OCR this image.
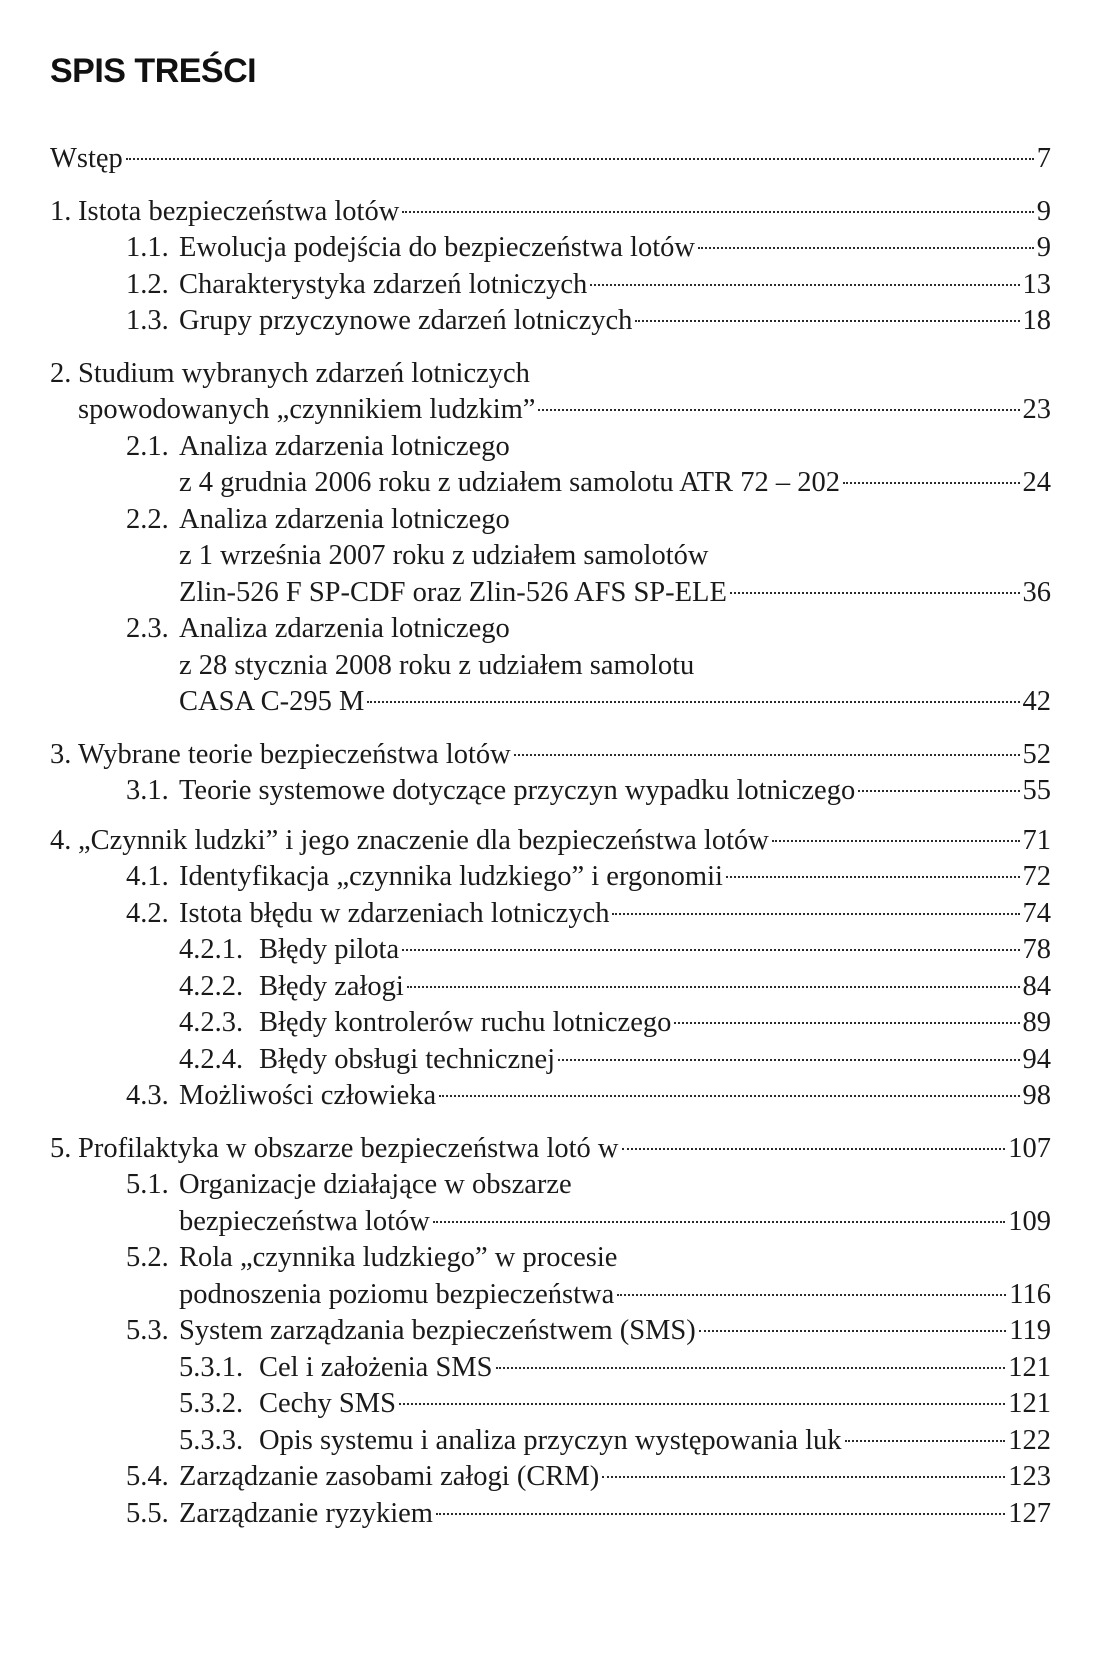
SPIS TREŚCI
Wstęp	7
1. Istota bezpieczeństwa lotów	9
1.1. Ewolucja podejścia do bezpieczeństwa lotów	9
1.2. Charakterystyka zdarzeń lotniczych	13
1.3. Grupy przyczynowe zdarzeń lotniczych	18
2. Studium wybranych zdarzeń lotniczych
spowodowanych „czynnikiem ludzkim”	23
2.1. Analiza zdarzenia lotniczego
z 4 grudnia 2006 roku z udziałem samolotu ATR 72 – 202	24
2.2. Analiza zdarzenia lotniczego
z 1 września 2007 roku z udziałem samolotów
Zlin-526 F SP-CDF oraz Zlin-526 AFS SP-ELE	36
2.3. Analiza zdarzenia lotniczego
z 28 stycznia 2008 roku z udziałem samolotu
CASA C-295 M	42
3. Wybrane teorie bezpieczeństwa lotów	52
3.1. Teorie systemowe dotyczące przyczyn wypadku lotniczego	55
4. „Czynnik ludzki” i jego znaczenie dla bezpieczeństwa lotów	71
4.1. Identyfikacja „czynnika ludzkiego” i ergonomii	72
4.2. Istota błędu w zdarzeniach lotniczych	74
4.2.1. Błędy pilota	78
4.2.2. Błędy załogi	84
4.2.3. Błędy kontrolerów ruchu lotniczego	89
4.2.4. Błędy obsługi technicznej	94
4.3. Możliwości człowieka	98
5. Profilaktyka w obszarze bezpieczeństwa lotó w	107
5.1. Organizacje działające w obszarze
bezpieczeństwa lotów	109
5.2. Rola „czynnika ludzkiego” w procesie
podnoszenia poziomu bezpieczeństwa	116
5.3. System zarządzania bezpieczeństwem (SMS)	119
5.3.1. Cel i założenia SMS	121
5.3.2. Cechy SMS	121
5.3.3. Opis systemu i analiza przyczyn występowania luk	122
5.4. Zarządzanie zasobami załogi (CRM)	123
5.5. Zarządzanie ryzykiem	127
